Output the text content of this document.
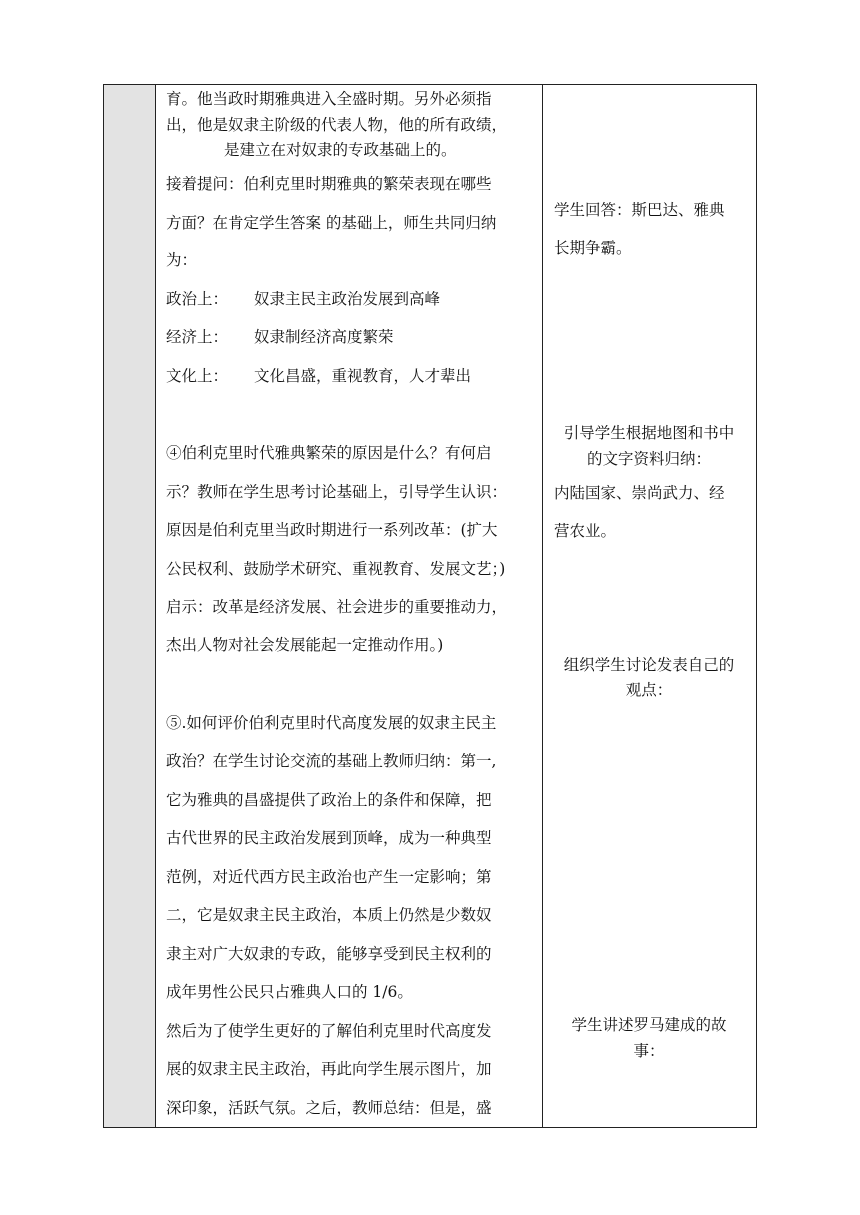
育。他当政时期雅典进入全盛时期。另外必须指
出，他是奴隶主阶级的代表人物，他的所有政绩，
是建立在对奴隶的专政基础上的。
接着提问：伯利克里时期雅典的繁荣表现在哪些
方面？在肯定学生答案 的基础上，师生共同归纳
为：
政治上： 奴隶主民主政治发展到高峰
经济上： 奴隶制经济高度繁荣
文化上： 文化昌盛，重视教育，人才辈出
④伯利克里时代雅典繁荣的原因是什么？有何启
示？教师在学生思考讨论基础上，引导学生认识：
原因是伯利克里当政时期进行一系列改革：(扩大
公民权利、鼓励学术研究、重视教育、发展文艺；)
启示：改革是经济发展、社会进步的重要推动力，
杰出人物对社会发展能起一定推动作用。)
⑤.如何评价伯利克里时代高度发展的奴隶主民主
政治？在学生讨论交流的基础上教师归纳：第一,
它为雅典的昌盛提供了政治上的条件和保障，把
古代世界的民主政治发展到顶峰，成为一种典型
范例，对近代西方民主政治也产生一定影响；第
二，它是奴隶主民主政治，本质上仍然是少数奴
隶主对广大奴隶的专政，能够享受到民主权利的
成年男性公民只占雅典人口的 1/6。
然后为了使学生更好的了解伯利克里时代高度发
展的奴隶主民主政治，再此向学生展示图片，加
深印象，活跃气氛。之后，教师总结：但是，盛
学生回答：斯巴达、雅典
长期争霸。
引导学生根据地图和书中
的文字资料归纳：
内陆国家、崇尚武力、经
营农业。
组织学生讨论发表自己的
观点：
学生讲述罗马建成的故
事：
